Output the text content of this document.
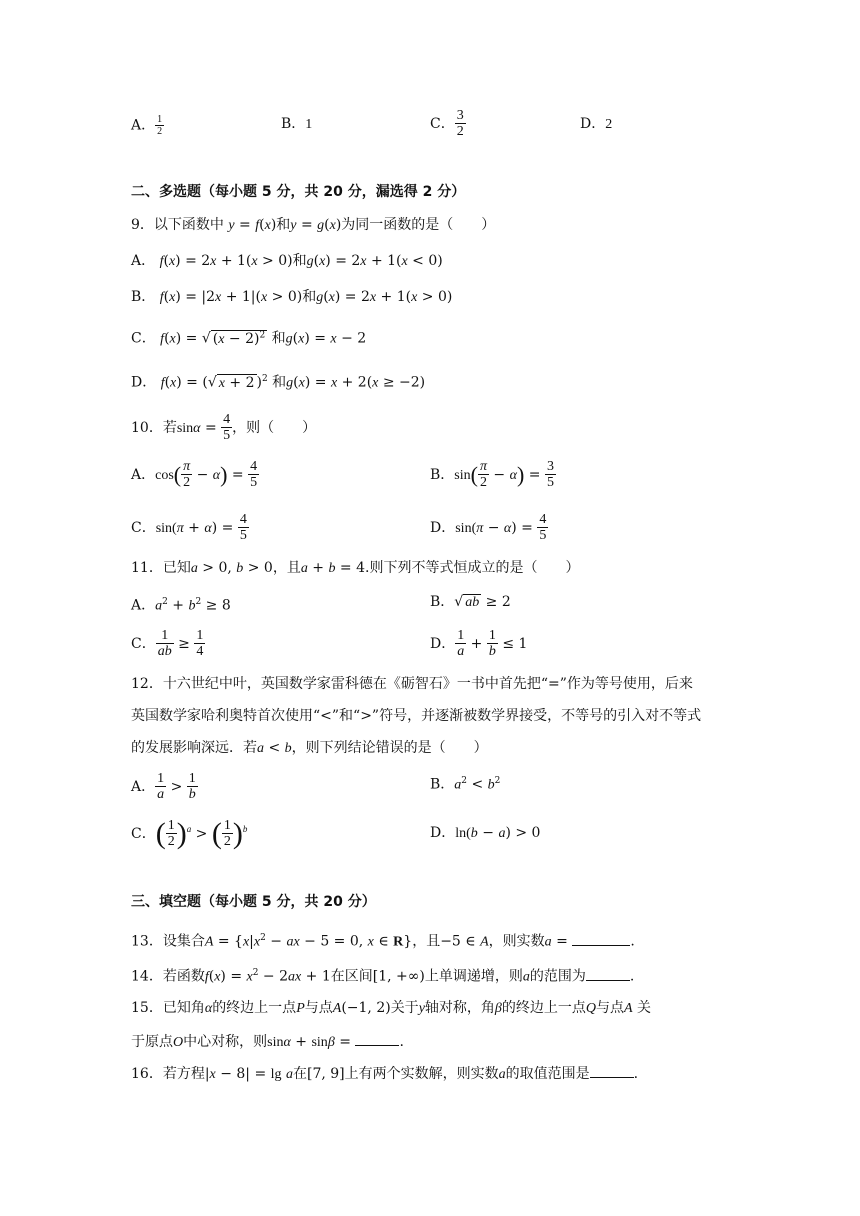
A． $\frac{1}{2}$	B．1	C． $\frac{3}{2}$	D．2
二、多选题（每小题 5 分，共 20 分，漏选得 2 分）
9．以下函数中 y = f(x)和y = g(x)为同一函数的是（　　）
A． f(x) = 2x + 1(x > 0)和g(x) = 2x + 1(x < 0)
B． f(x) = |2x + 1|(x > 0)和g(x) = 2x + 1(x > 0)
C． f(x) = √ $(x - 2)^2$ 和g(x) = x − 2
D． f(x) = (√ x + 2 )$^2$ 和g(x) = x + 2(x ≥ −2)
10．若$\sin\alpha = \frac{4}{5}$ ，则（　　）
A．$\cos( \frac{\pi}{2} - \alpha) = \frac{4}{5}$	B．$\sin( \frac{\pi}{2} - \alpha) = \frac{3}{5}$
C．$\sin(\pi + \alpha) = \frac{4}{5}$	D．$\sin(\pi - \alpha) = \frac{4}{5}$
11．已知a > 0, b > 0，且a + b = 4.则下列不等式恒成立的是（　　）
A．$a^2 + b^2 \ge 8$	B．√ ab ≥ 2
C． $\frac{1}{ab} \ge \frac{1}{4}$	D． $\frac{1}{a} + \frac{1}{b} \le 1$
12．十六世纪中叶，英国数学家雷科德在《砺智石》一书中首先把“=”作为等号使用，后来
英国数学家哈利奥特首次使用“<”和“>”符号，并逐渐被数学界接受，不等号的引入对不等式
的发展影响深远．若a < b，则下列结论错误的是（　　）
A． $\frac{1}{a} > \frac{1}{b}$	B．$a^2 < b^2$
C．( $\frac{1}{2} )^a$ > ( $\frac{1}{2} )^b$	D．ln(b − a) > 0
三、填空题（每小题 5 分，共 20 分）
13．设集合$A = \{x|x^2$ − ax − 5 = 0, x ∈ R}，且−5 ∈ A，则实数a =	.
14．若函数$f(x) = x^2 - 2ax + 1$在区间[1, +∞)上单调递增，则a的范围为	.
15．已知角α的终边上一点P与点A(−1, 2)关于y轴对称，角β的终边上一点Q与点A 关
于原点O中心对称，则sinα + sinβ =	.
16．若方程|x − 8| = lg a在[7, 9]上有两个实数解，则实数a的取值范围是	.
